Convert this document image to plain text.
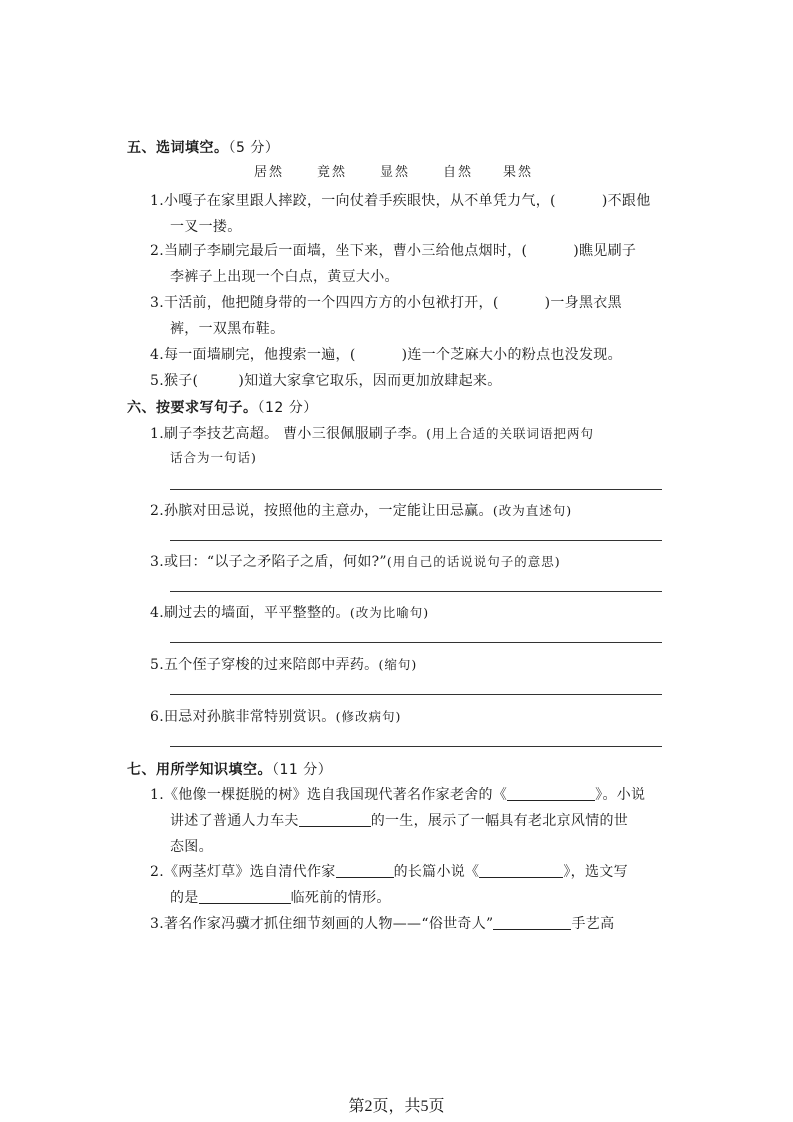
五、选词填空。（5 分）
居然	竟然	显然	自然 果然
1.小嘎子在家里跟人摔跤，一向仗着手疾眼快，从不单凭力气，(	)不跟他
一叉一搂。
2.当刷子李刷完最后一面墙，坐下来，曹小三给他点烟时，(	)瞧见刷子
李裤子上出现一个白点，黄豆大小。
3.干活前，他把随身带的一个四四方方的小包袱打开，(	)一身黑衣黑
裤，一双黑布鞋。
4.每一面墙刷完，他搜索一遍，(	)连一个芝麻大小的粉点也没发现。
5.猴子(	)知道大家拿它取乐，因而更加放肆起来。
六、按要求写句子。（12 分）
1.刷子李技艺高超。 曹小三很佩服刷子李。(用上合适的关联词语把两句
话合为一句话)
2.孙膑对田忌说，按照他的主意办，一定能让田忌赢。(改为直述句)
3.或曰：“以子之矛陷子之盾，何如?”(用自己的话说说句子的意思)
4.刷过去的墙面，平平整整的。(改为比喻句)
5.五个侄子穿梭的过来陪郎中弄药。(缩句)
6.田忌对孙膑非常特别赏识。(修改病句)
七、用所学知识填空。（11 分）
1.《他像一棵挺脱的树》选自我国现代著名作家老舍的《	》。小说
讲述了普通人力车夫	的一生，展示了一幅具有老北京风情的世
态图。
2.《两茎灯草》选自清代作家	的长篇小说《	》，选文写
的是	临死前的情形。
3.著名作家冯骥才抓住细节刻画的人物——“俗世奇人”	手艺高
第2页，共5页
